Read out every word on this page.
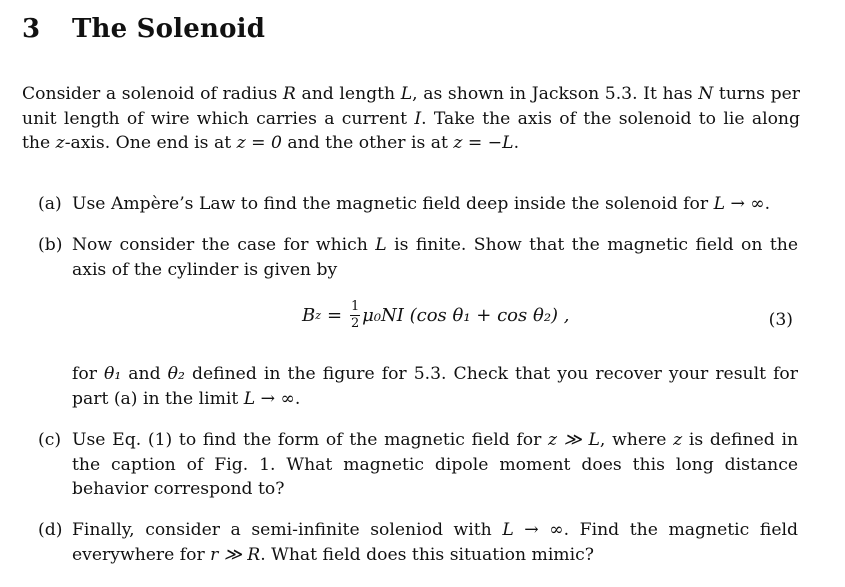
3 The Solenoid
Consider a solenoid of radius R and length L, as shown in Jackson 5.3. It has N turns per unit length of wire which carries a current I. Take the axis of the solenoid to lie along the z-axis. One end is at z = 0 and the other is at z = −L.
(a) Use Ampère’s Law to find the magnetic field deep inside the solenoid for L → ∞.
(b) Now consider the case for which L is finite. Show that the magnetic field on the axis of the cylinder is given by
B $z = \frac{1}{2} \mu_0NI$ (cos θ₁ + cos θ₂) ,	(3)
for θ₁ and θ₂ defined in the figure for 5.3. Check that you recover your result for part (a) in the limit L → ∞.
(c) Use Eq. (1) to find the form of the magnetic field for z ≫ L, where z is defined in the caption of Fig. 1. What magnetic dipole moment does this long distance behavior correspond to?
(d) Finally, consider a semi-infinite soleniod with L → ∞. Find the magnetic field everywhere for r ≫ R. What field does this situation mimic?
